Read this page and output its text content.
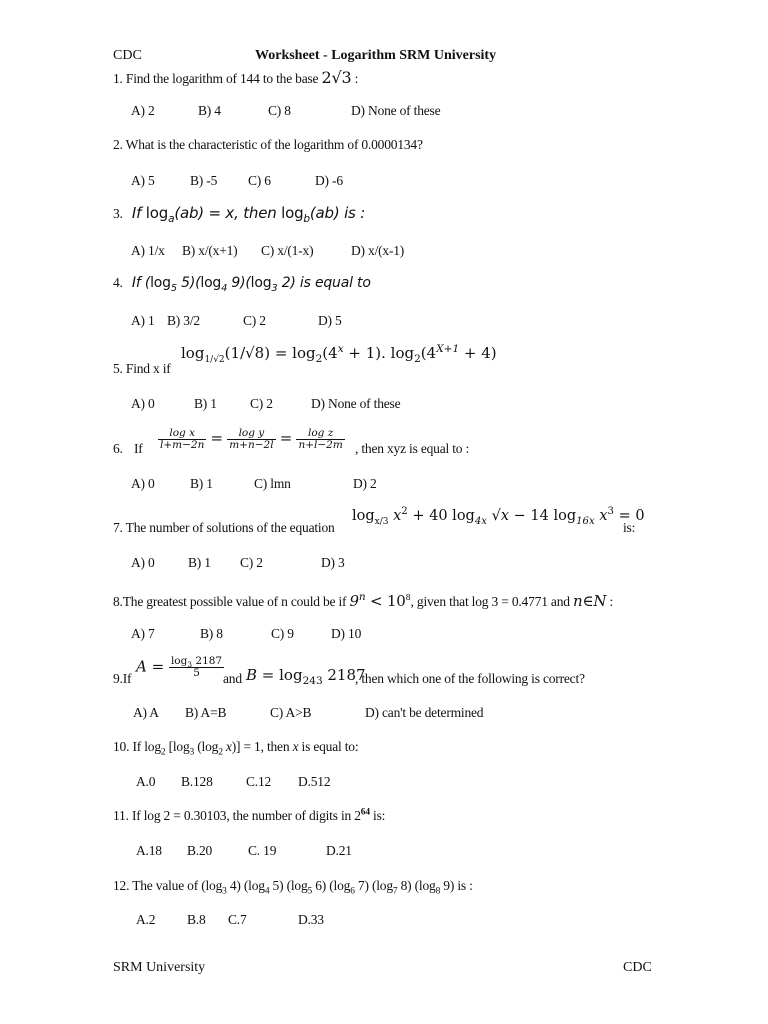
CDC	Worksheet - Logarithm SRM University
1. Find the logarithm of 144 to the base 2√3 :
A) 2	B) 4	C) 8	D) None of these
2. What is the characteristic of the logarithm of 0.0000134?
A) 5	B) -5 C) 6	D) -6
3. If $\log_a(ab) = x$, then $\log_b(ab)$ is :
A) 1/x B) x/(x+1) C) x/(1-x)	D) x/(x-1)
4. If ($\log_5$ $5)(\log_4$ $9)(\log_3$ 2) is equal to
A) 1 B) 3/2	C) 2	D) 5
5. Find x if
$\log_{1/√2}(1/√8) = \log_2(4^x + 1)$. $\log_2(4^{X+1} + 4)$
A) 0	B) 1 C) 2	D) None of these
6. If $\frac{\text{log x}}{l+m-2n} = \frac{\text{log y}}{m+n-2l} = \frac{\text{log z}}{n+l-2m}$ , then xyz is equal to :
A) 0	B) 1	C) lmn	D) 2
7. The number of solutions of the equation
$\log_{x/3} x^2 + 40$ $\log_{4x} √x - 14$ $\log_{16x} x^3 = 0$
is:
A) 0 B) 1 C) 2	D) 3
8.The greatest possible value of n could be if $9^n < 10^8$, given that log 3 = 0.4771 and n∈N :
A) 7	B) 8	C) 9	D) 10
9.If
$A = \frac{\log_3 2187}{5}$
and $B = \log_{243} 2187$
, then which one of the following is correct?
A) A B) A=B	C) A>B	D) can't be determined
10. If $\log_2 [\log_3$ ($\log_2$ x)] = 1, then x is equal to:
A.0 B.128 C.12 D.512
11. If log 2 = 0.30103, the number of digits in $2^{64}$ is:
A.18 B.20	C. 19	D.21
12. The value of ($\log_3$ 4) ($\log_4$ 5) ($\log_5$ 6) ($\log_6$ 7) ($\log_7$ 8) ($\log_8$ 9) is :
A.2 B.8 C.7	D.33
SRM University	CDC
